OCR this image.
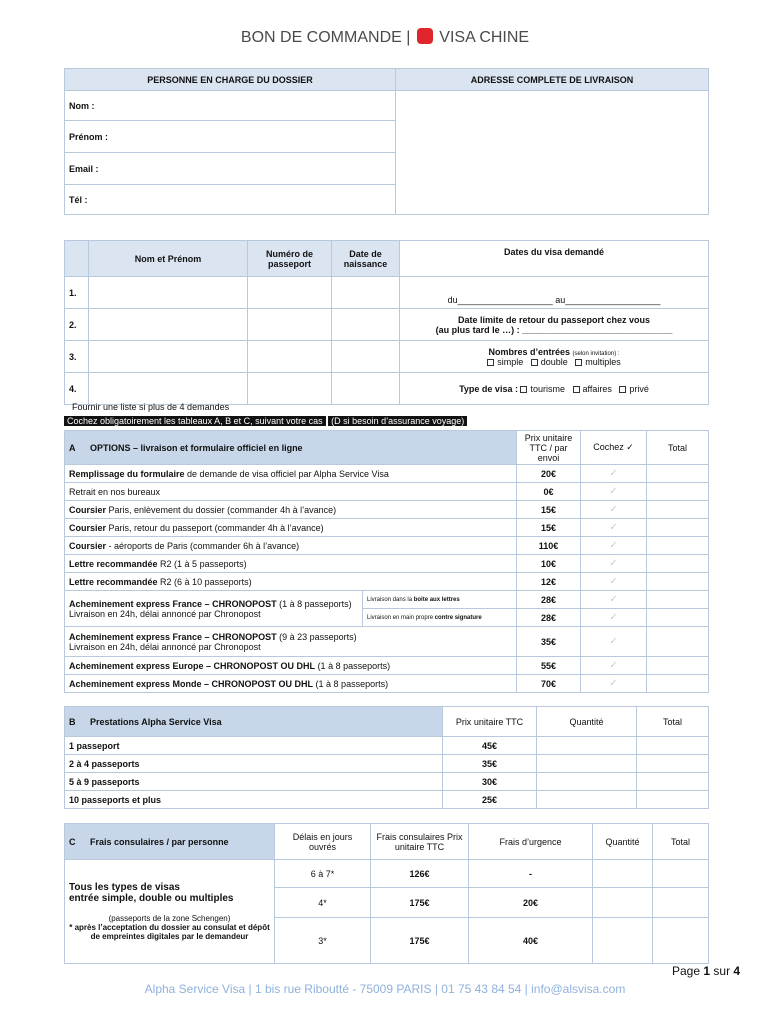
BON DE COMMANDE | VISA CHINE
PERSONNE EN CHARGE DU DOSSIER	ADRESSE COMPLETE DE LIVRAISON
Nom :	
Prénom :	
Email :	
Tél :	
	Nom et Prénom	Numéro de passeport	Date de naissance	Dates du visa demandé
1.				du___________________ au___________________
2.				Date limite de retour du passeport chez vous
(au plus tard le …) : ______________________________

3.				Nombres d’entrées (selon invitation) :
simple double multiples

4.				Type de visa : tourisme affaires privé
Fournir une liste si plus de 4 demandes
Cochez obligatoirement les tableaux A, B et C, suivant votre cas (D si besoin d’assurance voyage)
A OPTIONS – livraison et formulaire officiel en ligne		Prix unitaire TTC / par envoi	Cochez ✓	Total
Remplissage du formulaire de demande de visa officiel par Alpha Service Visa		20€	✓	
Retrait en nos bureaux		0€	✓	
Coursier Paris, enlèvement du dossier (commander 4h à l’avance)		15€	✓	
Coursier Paris, retour du passeport (commander 4h à l’avance)		15€	✓	
Coursier - aéroports de Paris (commander 6h à l’avance)		110€	✓	
Lettre recommandée R2 (1 à 5 passeports)		10€	✓	
Lettre recommandée R2 (6 à 10 passeports)		12€	✓	

Acheminement express France – CHRONOPOST (1 à 8 passeports)
Livraison en 24h, délai annoncé par Chronopost	Livraison dans la boite aux lettres	28€	✓	
	Livraison en main propre contre signature	28€	✓	

Acheminement express France – CHRONOPOST (9 à 23 passeports)
Livraison en 24h, délai annoncé par Chronopost		35€	✓	
Acheminement express Europe – CHRONOPOST OU DHL (1 à 8 passeports)		55€	✓	
Acheminement express Monde – CHRONOPOST OU DHL (1 à 8 passeports)		70€	✓	
B Prestations Alpha Service Visa	Prix unitaire TTC	Quantité	Total
1 passeport	45€		
2 à 4 passeports	35€		
5 à 9 passeports	30€		
10 passeports et plus	25€		
C Frais consulaires / par personne	Délais en jours ouvrés	Frais consulaires Prix unitaire TTC	Frais d’urgence	Quantité	Total

Tous les types de visas
entrée simple, double ou multiples
(passeports de la zone Schengen)
* après l’acceptation du dossier au consulat et dépôt de empreintes digitales par le demandeur	6 à 7*	126€	-		
	4*	175€	20€		
	3*	175€	40€		
Page 1 sur 4
Alpha Service Visa | 1 bis rue Riboutté - 75009 PARIS | 01 75 43 84 54 | info@alsvisa.com
